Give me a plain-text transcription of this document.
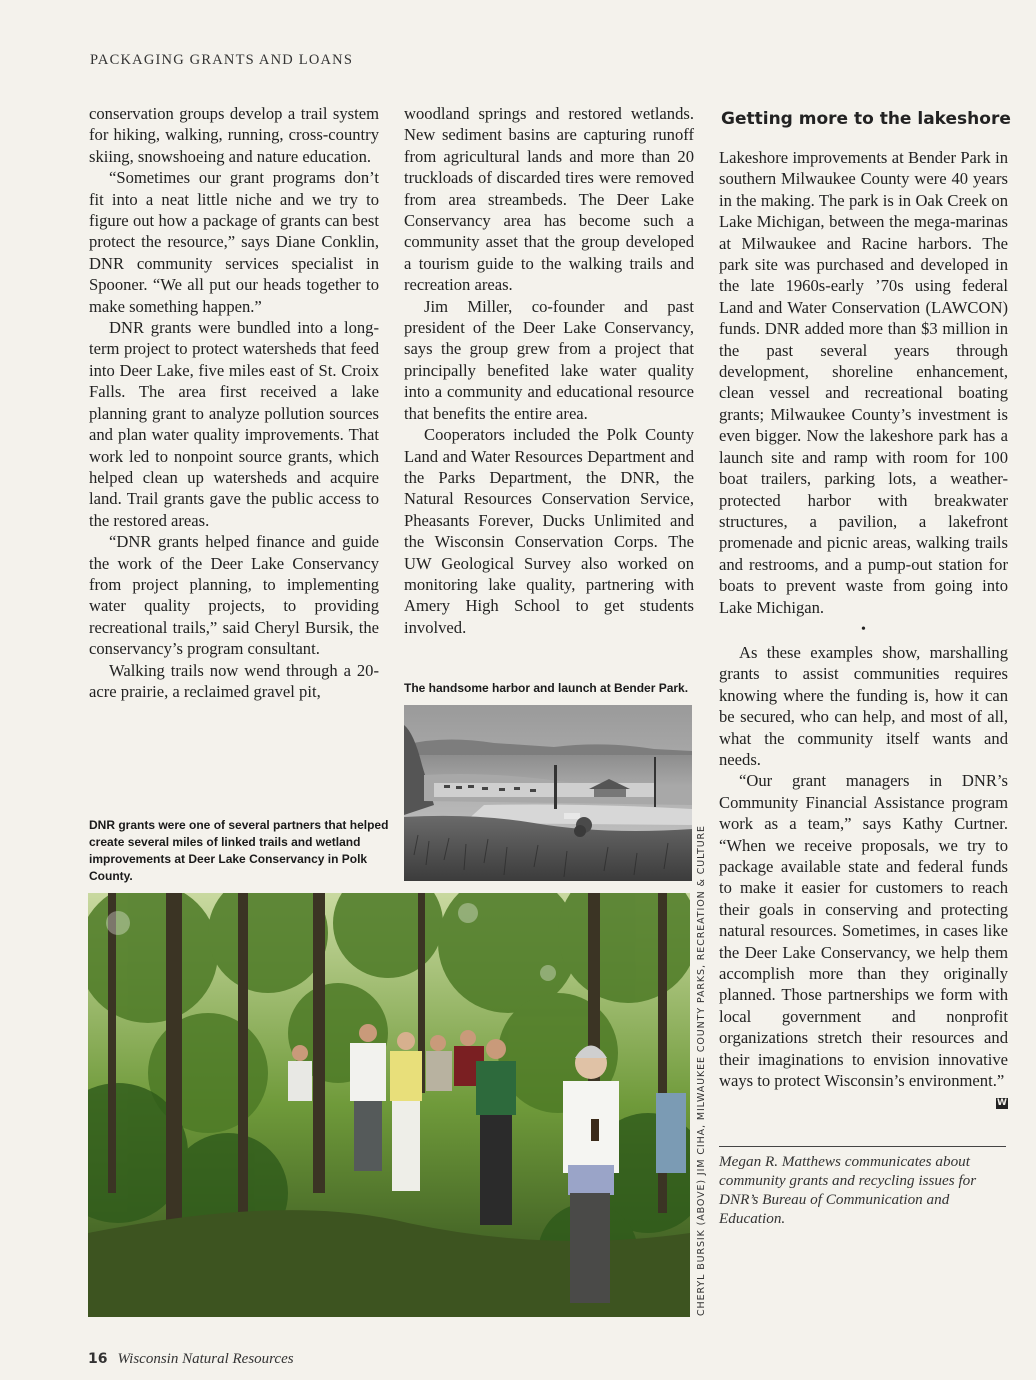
PACKAGING GRANTS AND LOANS

conservation groups develop a trail system for hiking, walking, running, cross-country skiing, snowshoeing and nature education.

“Sometimes our grant programs don’t fit into a neat little niche and we try to figure out how a package of grants can best protect the resource,” says Diane Conklin, DNR community services specialist in Spooner. “We all put our heads together to make something happen.”

DNR grants were bundled into a long-term project to protect watersheds that feed into Deer Lake, five miles east of St. Croix Falls. The area first received a lake planning grant to analyze pollution sources and plan water quality improvements. That work led to nonpoint source grants, which helped clean up watersheds and acquire land. Trail grants gave the public access to the restored areas.

“DNR grants helped finance and guide the work of the Deer Lake Conservancy from project planning, to implementing water quality projects, to providing recreational trails,” said Cheryl Bursik, the conservancy’s program consultant.

Walking trails now wend through a 20-acre prairie, a reclaimed gravel pit,

DNR grants were one of several partners that helped create several miles of linked trails and wetland improvements at Deer Lake Conservancy in Polk County.

woodland springs and restored wetlands. New sediment basins are capturing runoff from agricultural lands and more than 20 truckloads of discarded tires were removed from area streambeds. The Deer Lake Conservancy area has become such a community asset that the group developed a tourism guide to the walking trails and recreation areas.

Jim Miller, co-founder and past president of the Deer Lake Conservancy, says the group grew from a project that principally benefited lake water quality into a community and educational resource that benefits the entire area.

Cooperators included the Polk County Land and Water Resources Department and the Parks Department, the DNR, the Natural Resources Conservation Service, Pheasants Forever, Ducks Unlimited and the Wisconsin Conservation Corps. The UW Geological Survey also worked on monitoring lake quality, partnering with Amery High School to get students involved.

The handsome harbor and launch at Bender Park.
CHERYL BURSIK (ABOVE) JIM CIHA, MILWAUKEE COUNTY PARKS, RECREATION & CULTURE
Getting more to the lakeshore

Lakeshore improvements at Bender Park in southern Milwaukee County were 40 years in the making. The park is in Oak Creek on Lake Michigan, between the mega-marinas at Milwaukee and Racine harbors. The park site was purchased and developed in the late 1960s-early ’70s using federal Land and Water Conservation (LAWCON) funds. DNR added more than $3 million in the past several years through development, shoreline enhancement, clean vessel and recreational boating grants; Milwaukee County’s investment is even bigger. Now the lakeshore park has a launch site and ramp with room for 100 boat trailers, parking lots, a weather-protected harbor with breakwater structures, a pavilion, a lakefront promenade and picnic areas, walking trails and restrooms, and a pump-out station for boats to prevent waste from going into Lake Michigan.

•

As these examples show, marshalling grants to assist communities requires knowing where the funding is, how it can be secured, who can help, and most of all, what the community itself wants and needs.

“Our grant managers in DNR’s Community Financial Assistance program work as a team,” says Kathy Curtner. “When we receive proposals, we try to package available state and federal funds to make it easier for customers to reach their goals in conserving and protecting natural resources. Sometimes, in cases like the Deer Lake Conservancy, we help them accomplish more than they originally planned. Those partnerships we form with local government and nonprofit organizations stretch their resources and their imaginations to envision innovative ways to protect Wisconsin’s environment.”

W

Megan R. Matthews communicates about community grants and recycling issues for DNR’s Bureau of Communication and Education.
16 Wisconsin Natural Resources
